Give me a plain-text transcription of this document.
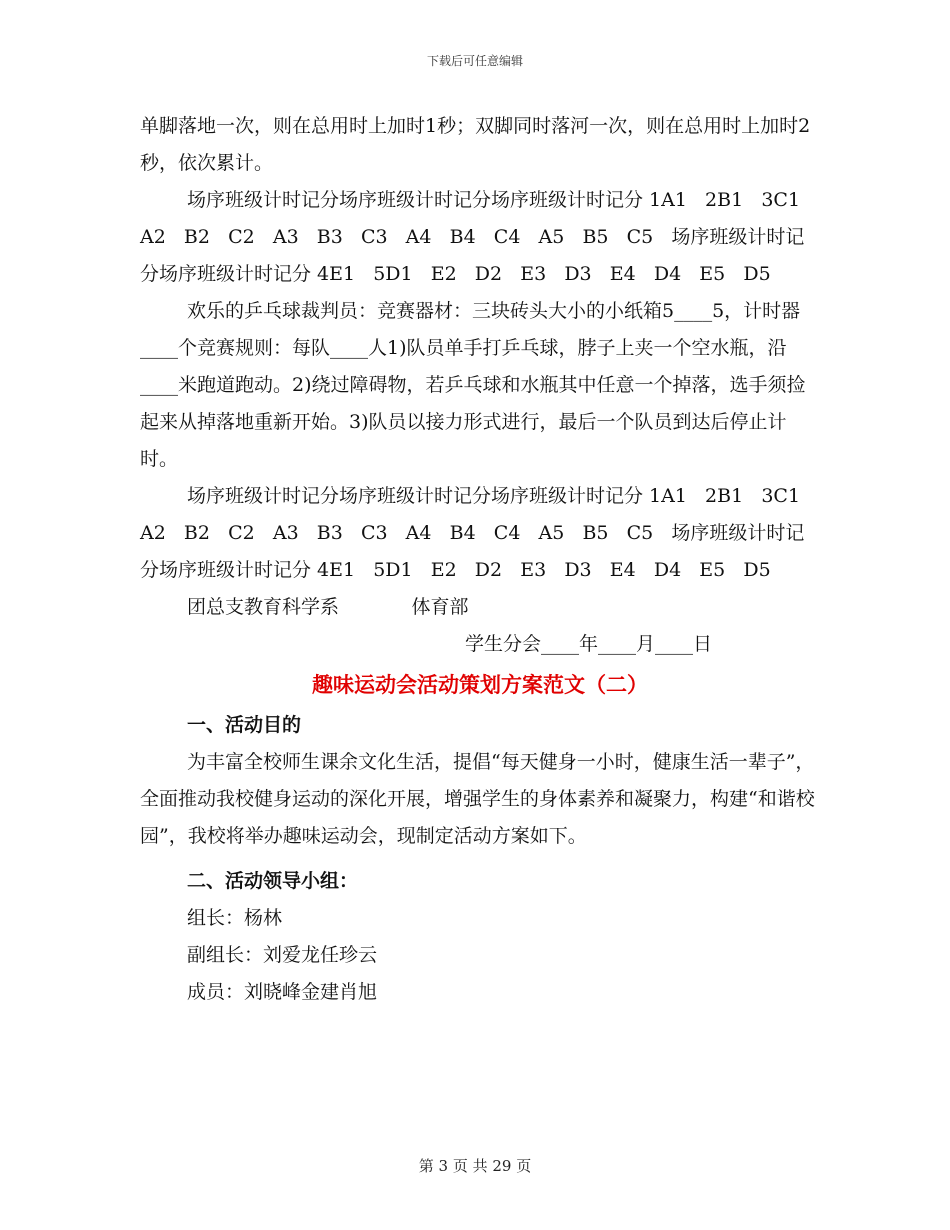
下载后可任意编辑

单脚落地一次，则在总用时上加时1秒；双脚同时落河一次，则在总用时上加时2秒，依次累计。

场序班级计时记分场序班级计时记分场序班级计时记分 1A1   2B1   3C1   A2   B2   C2   A3   B3   C3   A4   B4   C4   A5   B5   C5   场序班级计时记分场序班级计时记分 4E1   5D1   E2   D2   E3   D3   E4   D4   E5   D5

欢乐的乒乓球裁判员：竞赛器材：三块砖头大小的小纸箱5____5，计时器____个竞赛规则：每队____人1)队员单手打乒乓球，脖子上夹一个空水瓶，沿____米跑道跑动。2)绕过障碍物，若乒乓球和水瓶其中任意一个掉落，选手须捡起来从掉落地重新开始。3)队员以接力形式进行，最后一个队员到达后停止计时。

场序班级计时记分场序班级计时记分场序班级计时记分 1A1   2B1   3C1   A2   B2   C2   A3   B3   C3   A4   B4   C4   A5   B5   C5   场序班级计时记分场序班级计时记分 4E1   5D1   E2   D2   E3   D3   E4   D4   E5   D5

团总支教育科学系            体育部

学生分会____年____月____日

趣味运动会活动策划方案范文（二）

一、活动目的

为丰富全校师生课余文化生活，提倡“每天健身一小时，健康生活一辈子”，全面推动我校健身运动的深化开展，增强学生的身体素养和凝聚力，构建“和谐校园”，我校将举办趣味运动会，现制定活动方案如下。

二、活动领导小组：

组长：杨林

副组长：刘爱龙任珍云

成员：刘晓峰金建肖旭

第 3 页 共 29 页
